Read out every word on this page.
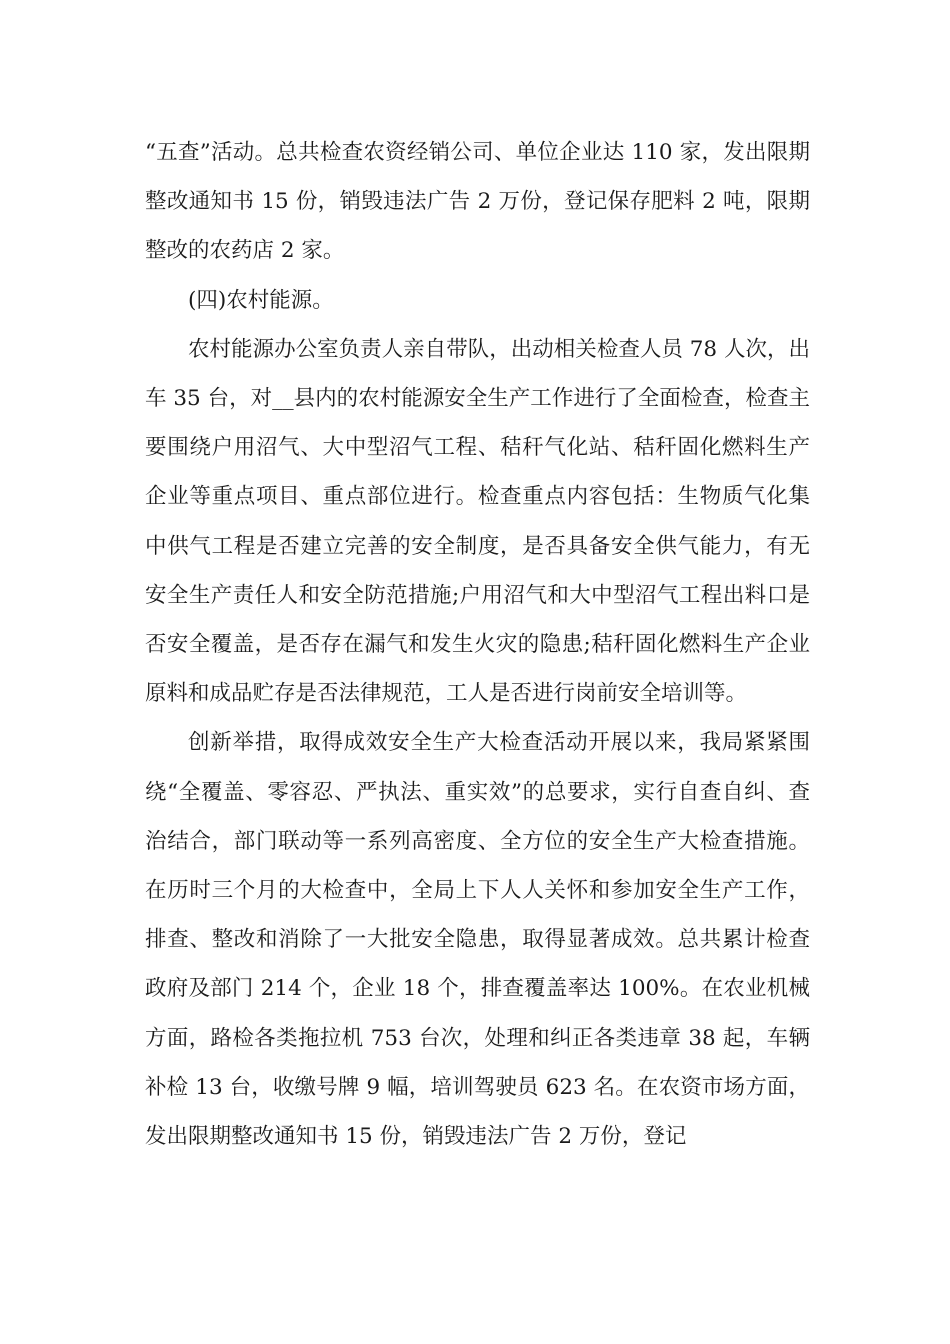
“五查”活动。总共检查农资经销公司、单位企业达 110 家，发出限期整改通知书 15 份，销毁违法广告 2 万份，登记保存肥料 2 吨，限期整改的农药店 2 家。

(四)农村能源。

农村能源办公室负责人亲自带队，出动相关检查人员 78 人次，出车 35 台，对__县内的农村能源安全生产工作进行了全面检查，检查主要围绕户用沼气、大中型沼气工程、秸秆气化站、秸秆固化燃料生产企业等重点项目、重点部位进行。检查重点内容包括：生物质气化集中供气工程是否建立完善的安全制度，是否具备安全供气能力，有无安全生产责任人和安全防范措施;户用沼气和大中型沼气工程出料口是否安全覆盖，是否存在漏气和发生火灾的隐患;秸秆固化燃料生产企业原料和成品贮存是否法律规范，工人是否进行岗前安全培训等。

创新举措，取得成效安全生产大检查活动开展以来，我局紧紧围绕“全覆盖、零容忍、严执法、重实效”的总要求，实行自查自纠、查治结合，部门联动等一系列高密度、全方位的安全生产大检查措施。在历时三个月的大检查中，全局上下人人关怀和参加安全生产工作，排查、整改和消除了一大批安全隐患，取得显著成效。总共累计检查政府及部门 214 个，企业 18 个，排查覆盖率达 100%。在农业机械方面，路检各类拖拉机 753 台次，处理和纠正各类违章 38 起，车辆补检 13 台，收缴号牌 9 幅，培训驾驶员 623 名。在农资市场方面，发出限期整改通知书 15 份，销毁违法广告 2 万份，登记
